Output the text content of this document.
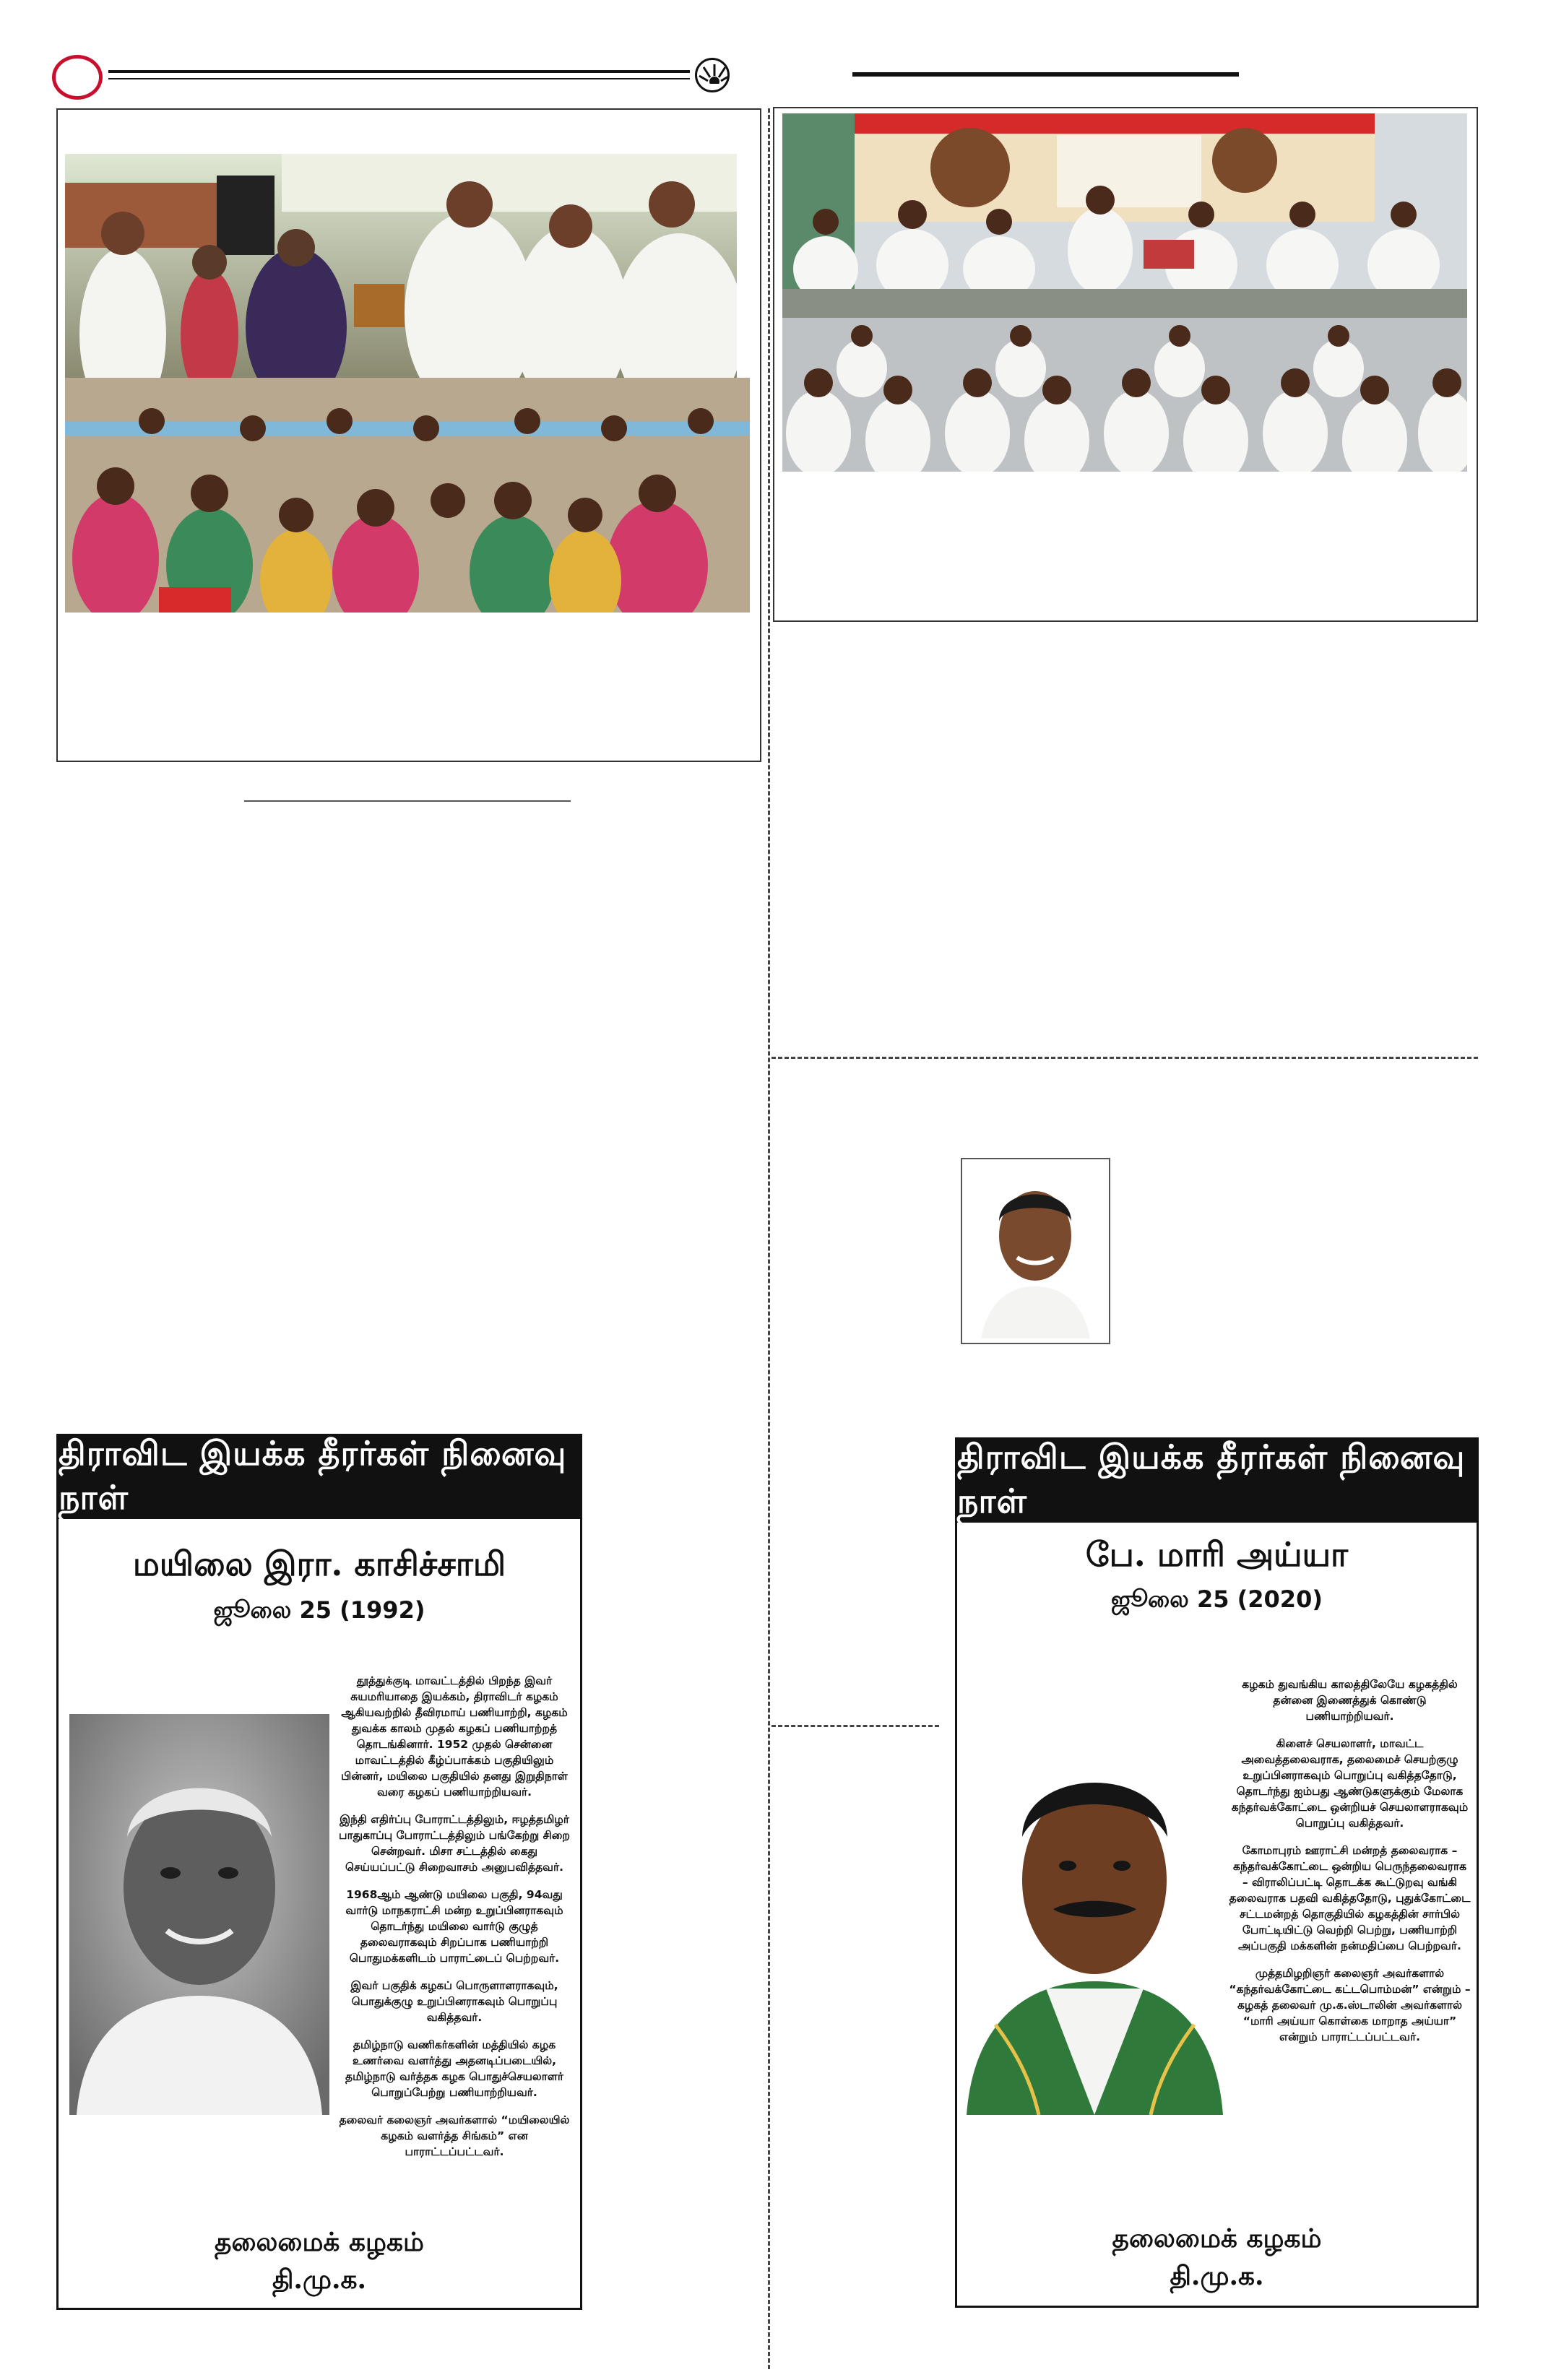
திராவிட இயக்க தீரர்கள் நினைவு நாள்
மயிலை இரா. காசிச்சாமி
ஜூலை 25 (1992)

தூத்துக்குடி மாவட்டத்தில் பிறந்த இவர் சுயமரியாதை இயக்கம், திராவிடர் கழகம் ஆகியவற்றில் தீவிரமாய் பணியாற்றி, கழகம் துவக்க காலம் முதல் கழகப் பணியாற்றத் தொடங்கினார். 1952 முதல் சென்னை மாவட்டத்தில் கீழ்ப்பாக்கம் பகுதியிலும் பின்னர், மயிலை பகுதியில் தனது இறுதிநாள் வரை கழகப் பணியாற்றியவர்.

இந்தி எதிர்ப்பு போராட்டத்திலும், ஈழத்தமிழர் பாதுகாப்பு போராட்டத்திலும் பங்கேற்று சிறை சென்றவர். மிசா சட்டத்தில் கைது செய்யப்பட்டு சிறைவாசம் அனுபவித்தவர்.

1968ஆம் ஆண்டு மயிலை பகுதி, 94வது வார்டு மாநகராட்சி மன்ற உறுப்பினராகவும் தொடர்ந்து மயிலை வார்டு குழுத் தலைவராகவும் சிறப்பாக பணியாற்றி பொதுமக்களிடம் பாராட்டைப் பெற்றவர்.

இவர் பகுதிக் கழகப் பொருளாளராகவும், பொதுக்குழு உறுப்பினராகவும் பொறுப்பு வகித்தவர்.

தமிழ்நாடு வணிகர்களின் மத்தியில் கழக உணர்வை வளர்த்து அதனடிப்படையில், தமிழ்நாடு வர்த்தக கழக பொதுச்செயலாளர் பொறுப்பேற்று பணியாற்றியவர்.

தலைவர் கலைஞர் அவர்களால் “மயிலையில் கழகம் வளர்த்த சிங்கம்” என பாராட்டப்பட்டவர்.

தலைமைக் கழகம்
தி.மு.க.
திராவிட இயக்க தீரர்கள் நினைவு நாள்
பே. மாரி அய்யா
ஜூலை 25 (2020)

கழகம் துவங்கிய காலத்திலேயே கழகத்தில் தன்னை இணைத்துக் கொண்டு பணியாற்றியவர்.

கிளைச் செயலாளர், மாவட்ட அவைத்தலைவராக, தலைமைச் செயற்குழு உறுப்பினராகவும் பொறுப்பு வகித்ததோடு, தொடர்ந்து ஐம்பது ஆண்டுகளுக்கும் மேலாக கந்தர்வக்கோட்டை ஒன்றியச் செயலாளராகவும் பொறுப்பு வகித்தவர்.

கோமாபுரம் ஊராட்சி மன்றத் தலைவராக – கந்தர்வக்கோட்டை ஒன்றிய பெருந்தலைவராக – விராலிப்பட்டி தொடக்க கூட்டுறவு வங்கி தலைவராக பதவி வகித்ததோடு, புதுக்கோட்டை சட்டமன்றத் தொகுதியில் கழகத்தின் சார்பில் போட்டியிட்டு வெற்றி பெற்று, பணியாற்றி அப்பகுதி மக்களின் நன்மதிப்பை பெற்றவர்.

முத்தமிழறிஞர் கலைஞர் அவர்களால் “கந்தர்வக்கோட்டை கட்டபொம்மன்” என்றும் – கழகத் தலைவர் மு.க.ஸ்டாலின் அவர்களால் “மாரி அய்யா கொள்கை மாறாத அய்யா” என்றும் பாராட்டப்பட்டவர்.

தலைமைக் கழகம்
தி.மு.க.
